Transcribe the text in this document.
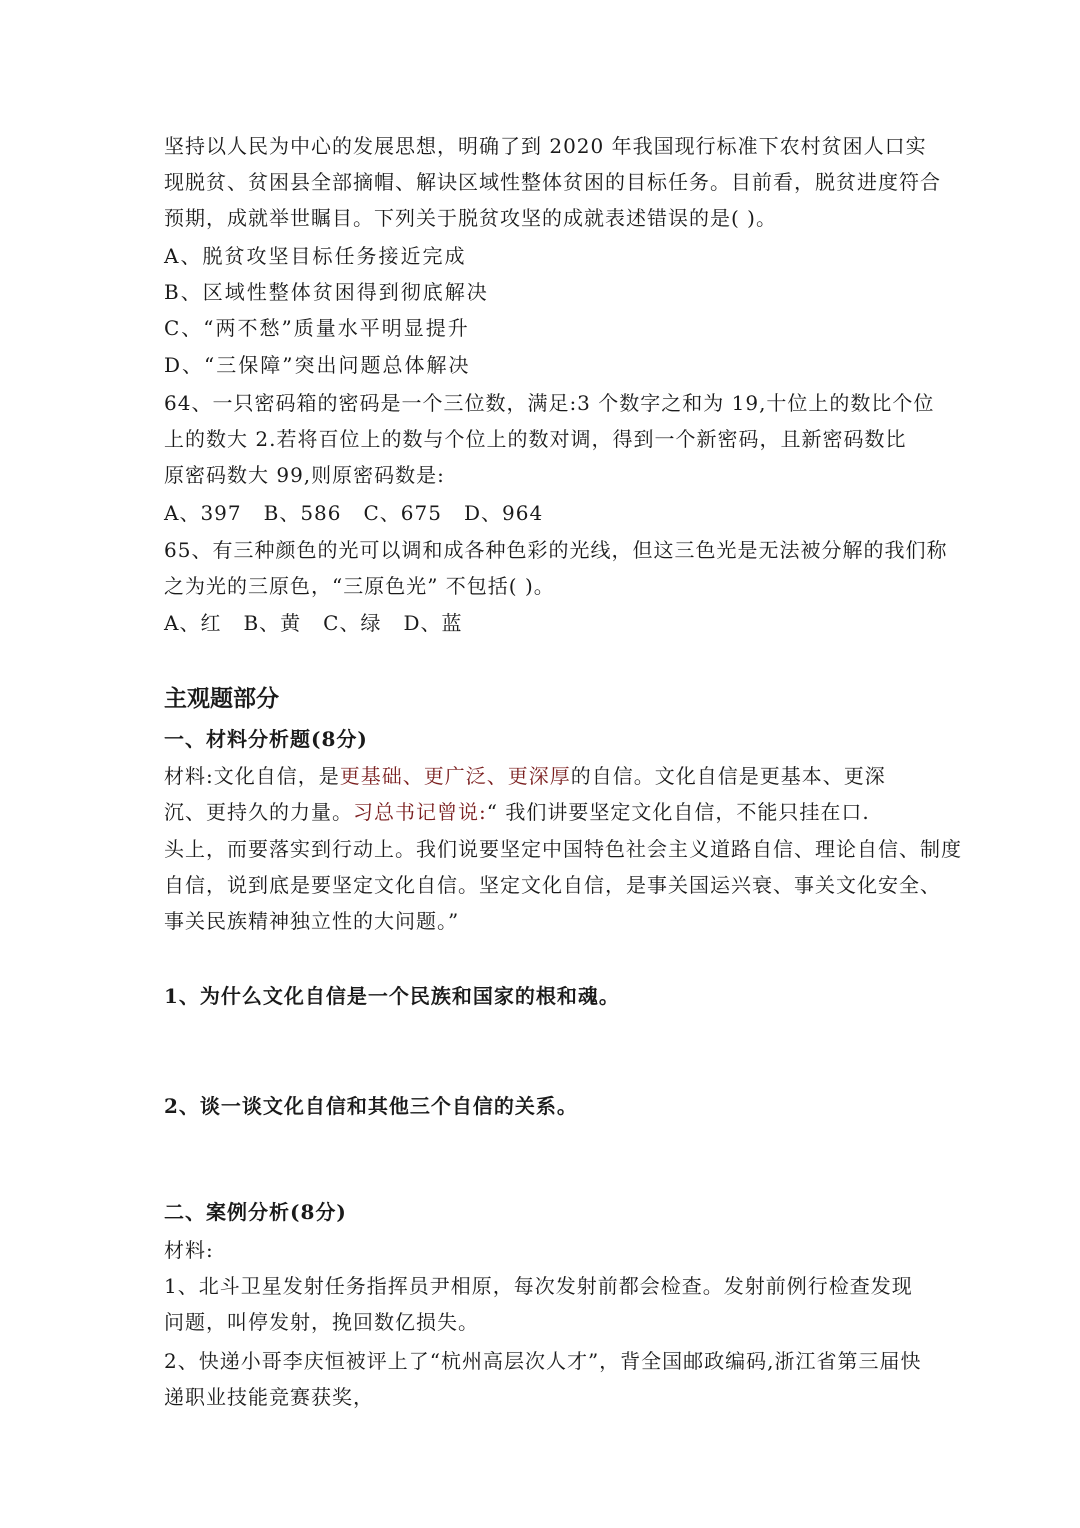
坚持以人民为中心的发展思想，明确了到 2020 年我国现行标准下农村贫困人口实
现脱贫、贫困县全部摘帽、解诀区域性整体贫困的目标任务。目前看，脱贫进度符合
预期，成就举世瞩目。下列关于脱贫攻坚的成就表述错误的是( )。
A、脱贫攻坚目标任务接近完成
B、区域性整体贫困得到彻底解决
C、“两不愁”质量水平明显提升
D、“三保障”突出问题总体解决
64、一只密码箱的密码是一个三位数，满足:3 个数字之和为 19,十位上的数比个位
上的数大 2.若将百位上的数与个位上的数对调，得到一个新密码，且新密码数比
原密码数大 99,则原密码数是:
A、397 B、586 C、675 D、964
65、有三种颜色的光可以调和成各种色彩的光线，但这三色光是无法被分解的我们称
之为光的三原色，“三原色光” 不包括( )。
A、红 B、黄 C、绿 D、蓝
主观题部分
一、材料分析题(8分)
材料:文化自信，是更基础、更广泛、更深厚的自信。文化自信是更基本、更深
沉、更持久的力量。习总书记曾说:“ 我们讲要坚定文化自信，不能只挂在口.
头上，而要落实到行动上。我们说要坚定中国特色社会主义道路自信、理论自信、制度
自信，说到底是要坚定文化自信。坚定文化自信，是事关国运兴衰、事关文化安全、
事关民族精神独立性的大问题。”
1、为什么文化自信是一个民族和国家的根和魂。
2、谈一谈文化自信和其他三个自信的关系。
二、案例分析(8分)
材料:
1、北斗卫星发射任务指挥员尹相原，每次发射前都会检查。发射前例行检查发现
问题，叫停发射，挽回数亿损失。
2、快递小哥李庆恒被评上了“杭州高层次人才”，背全国邮政编码,浙江省第三届快
递职业技能竞赛获奖，
